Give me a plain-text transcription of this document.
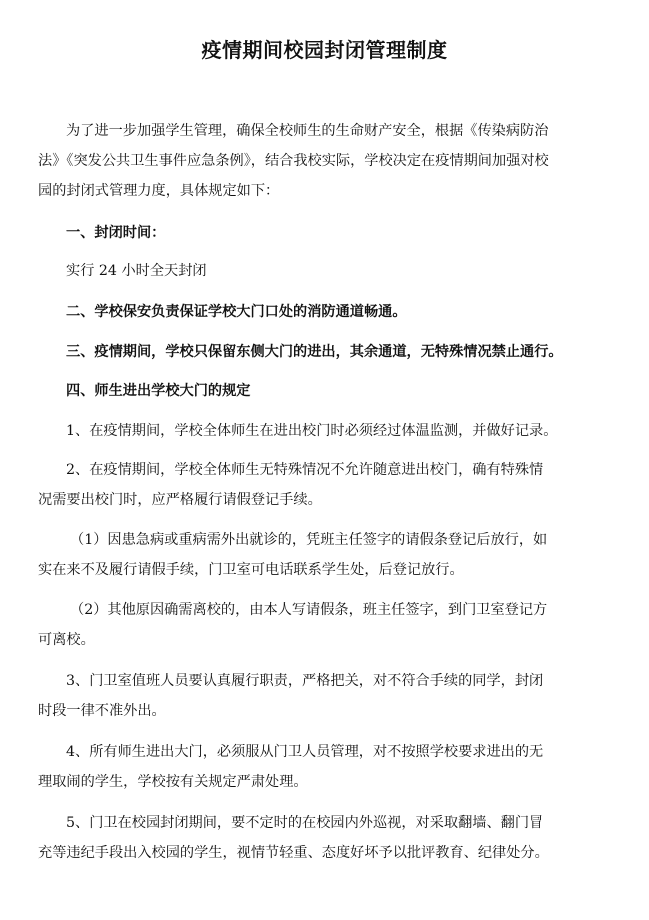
疫情期间校园封闭管理制度
为了进一步加强学生管理，确保全校师生的生命财产安全，根据《传染病防治
法》《突发公共卫生事件应急条例》，结合我校实际，学校决定在疫情期间加强对校
园的封闭式管理力度，具体规定如下：
一、封闭时间：
实行 24 小时全天封闭
二、学校保安负责保证学校大门口处的消防通道畅通。
三、疫情期间，学校只保留东侧大门的进出，其余通道，无特殊情况禁止通行。
四、师生进出学校大门的规定
1、在疫情期间，学校全体师生在进出校门时必须经过体温监测，并做好记录。
2、在疫情期间，学校全体师生无特殊情况不允许随意进出校门，确有特殊情
况需要出校门时，应严格履行请假登记手续。
（1）因患急病或重病需外出就诊的，凭班主任签字的请假条登记后放行，如
实在来不及履行请假手续，门卫室可电话联系学生处，后登记放行。
（2）其他原因确需离校的，由本人写请假条，班主任签字，到门卫室登记方
可离校。
3、门卫室值班人员要认真履行职责，严格把关，对不符合手续的同学，封闭
时段一律不准外出。
4、所有师生进出大门，必须服从门卫人员管理，对不按照学校要求进出的无
理取闹的学生，学校按有关规定严肃处理。
5、门卫在校园封闭期间，要不定时的在校园内外巡视，对采取翻墙、翻门冒
充等违纪手段出入校园的学生，视情节轻重、态度好坏予以批评教育、纪律处分。
